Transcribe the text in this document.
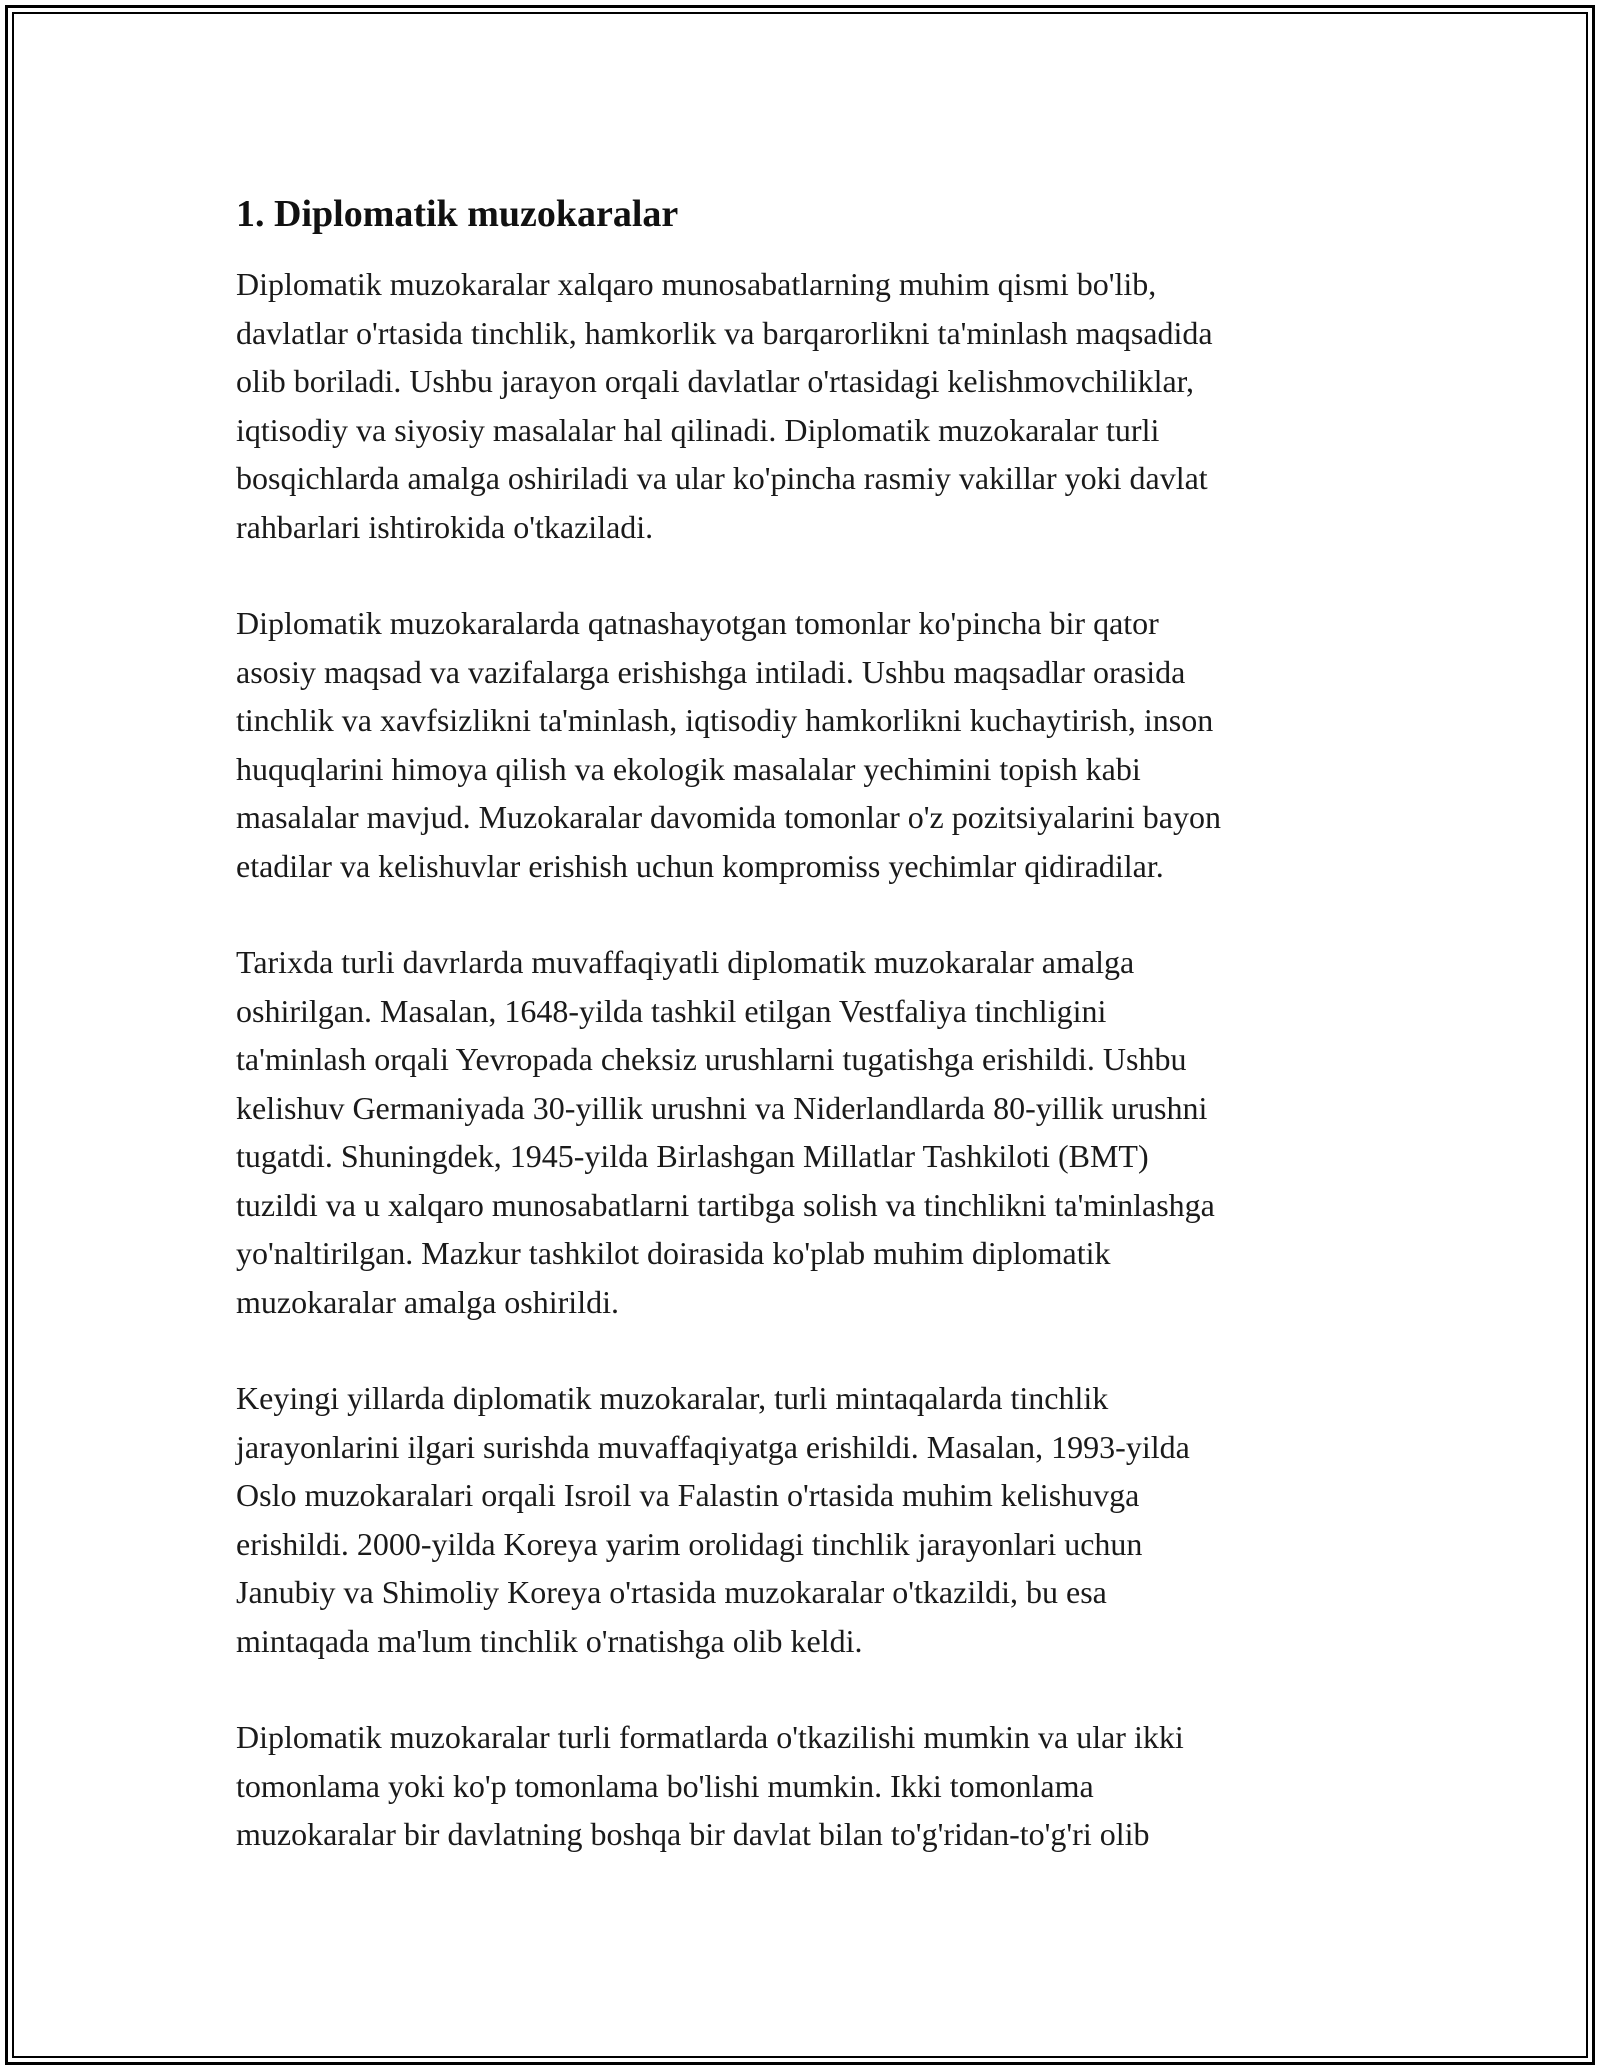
1. Diplomatik muzokaralar

Diplomatik muzokaralar xalqaro munosabatlarning muhim qismi bo'lib,
davlatlar o'rtasida tinchlik, hamkorlik va barqarorlikni ta'minlash maqsadida
olib boriladi. Ushbu jarayon orqali davlatlar o'rtasidagi kelishmovchiliklar,
iqtisodiy va siyosiy masalalar hal qilinadi. Diplomatik muzokaralar turli
bosqichlarda amalga oshiriladi va ular ko'pincha rasmiy vakillar yoki davlat
rahbarlari ishtirokida o'tkaziladi.

Diplomatik muzokaralarda qatnashayotgan tomonlar ko'pincha bir qator
asosiy maqsad va vazifalarga erishishga intiladi. Ushbu maqsadlar orasida
tinchlik va xavfsizlikni ta'minlash, iqtisodiy hamkorlikni kuchaytirish, inson
huquqlarini himoya qilish va ekologik masalalar yechimini topish kabi
masalalar mavjud. Muzokaralar davomida tomonlar o'z pozitsiyalarini bayon
etadilar va kelishuvlar erishish uchun kompromiss yechimlar qidiradilar.

Tarixda turli davrlarda muvaffaqiyatli diplomatik muzokaralar amalga
oshirilgan. Masalan, 1648-yilda tashkil etilgan Vestfaliya tinchligini
ta'minlash orqali Yevropada cheksiz urushlarni tugatishga erishildi. Ushbu
kelishuv Germaniyada 30-yillik urushni va Niderlandlarda 80-yillik urushni
tugatdi. Shuningdek, 1945-yilda Birlashgan Millatlar Tashkiloti (BMT)
tuzildi va u xalqaro munosabatlarni tartibga solish va tinchlikni ta'minlashga
yo'naltirilgan. Mazkur tashkilot doirasida ko'plab muhim diplomatik
muzokaralar amalga oshirildi.

Keyingi yillarda diplomatik muzokaralar, turli mintaqalarda tinchlik
jarayonlarini ilgari surishda muvaffaqiyatga erishildi. Masalan, 1993-yilda
Oslo muzokaralari orqali Isroil va Falastin o'rtasida muhim kelishuvga
erishildi. 2000-yilda Koreya yarim orolidagi tinchlik jarayonlari uchun
Janubiy va Shimoliy Koreya o'rtasida muzokaralar o'tkazildi, bu esa
mintaqada ma'lum tinchlik o'rnatishga olib keldi.

Diplomatik muzokaralar turli formatlarda o'tkazilishi mumkin va ular ikki
tomonlama yoki ko'p tomonlama bo'lishi mumkin. Ikki tomonlama
muzokaralar bir davlatning boshqa bir davlat bilan to'g'ridan-to'g'ri olib
